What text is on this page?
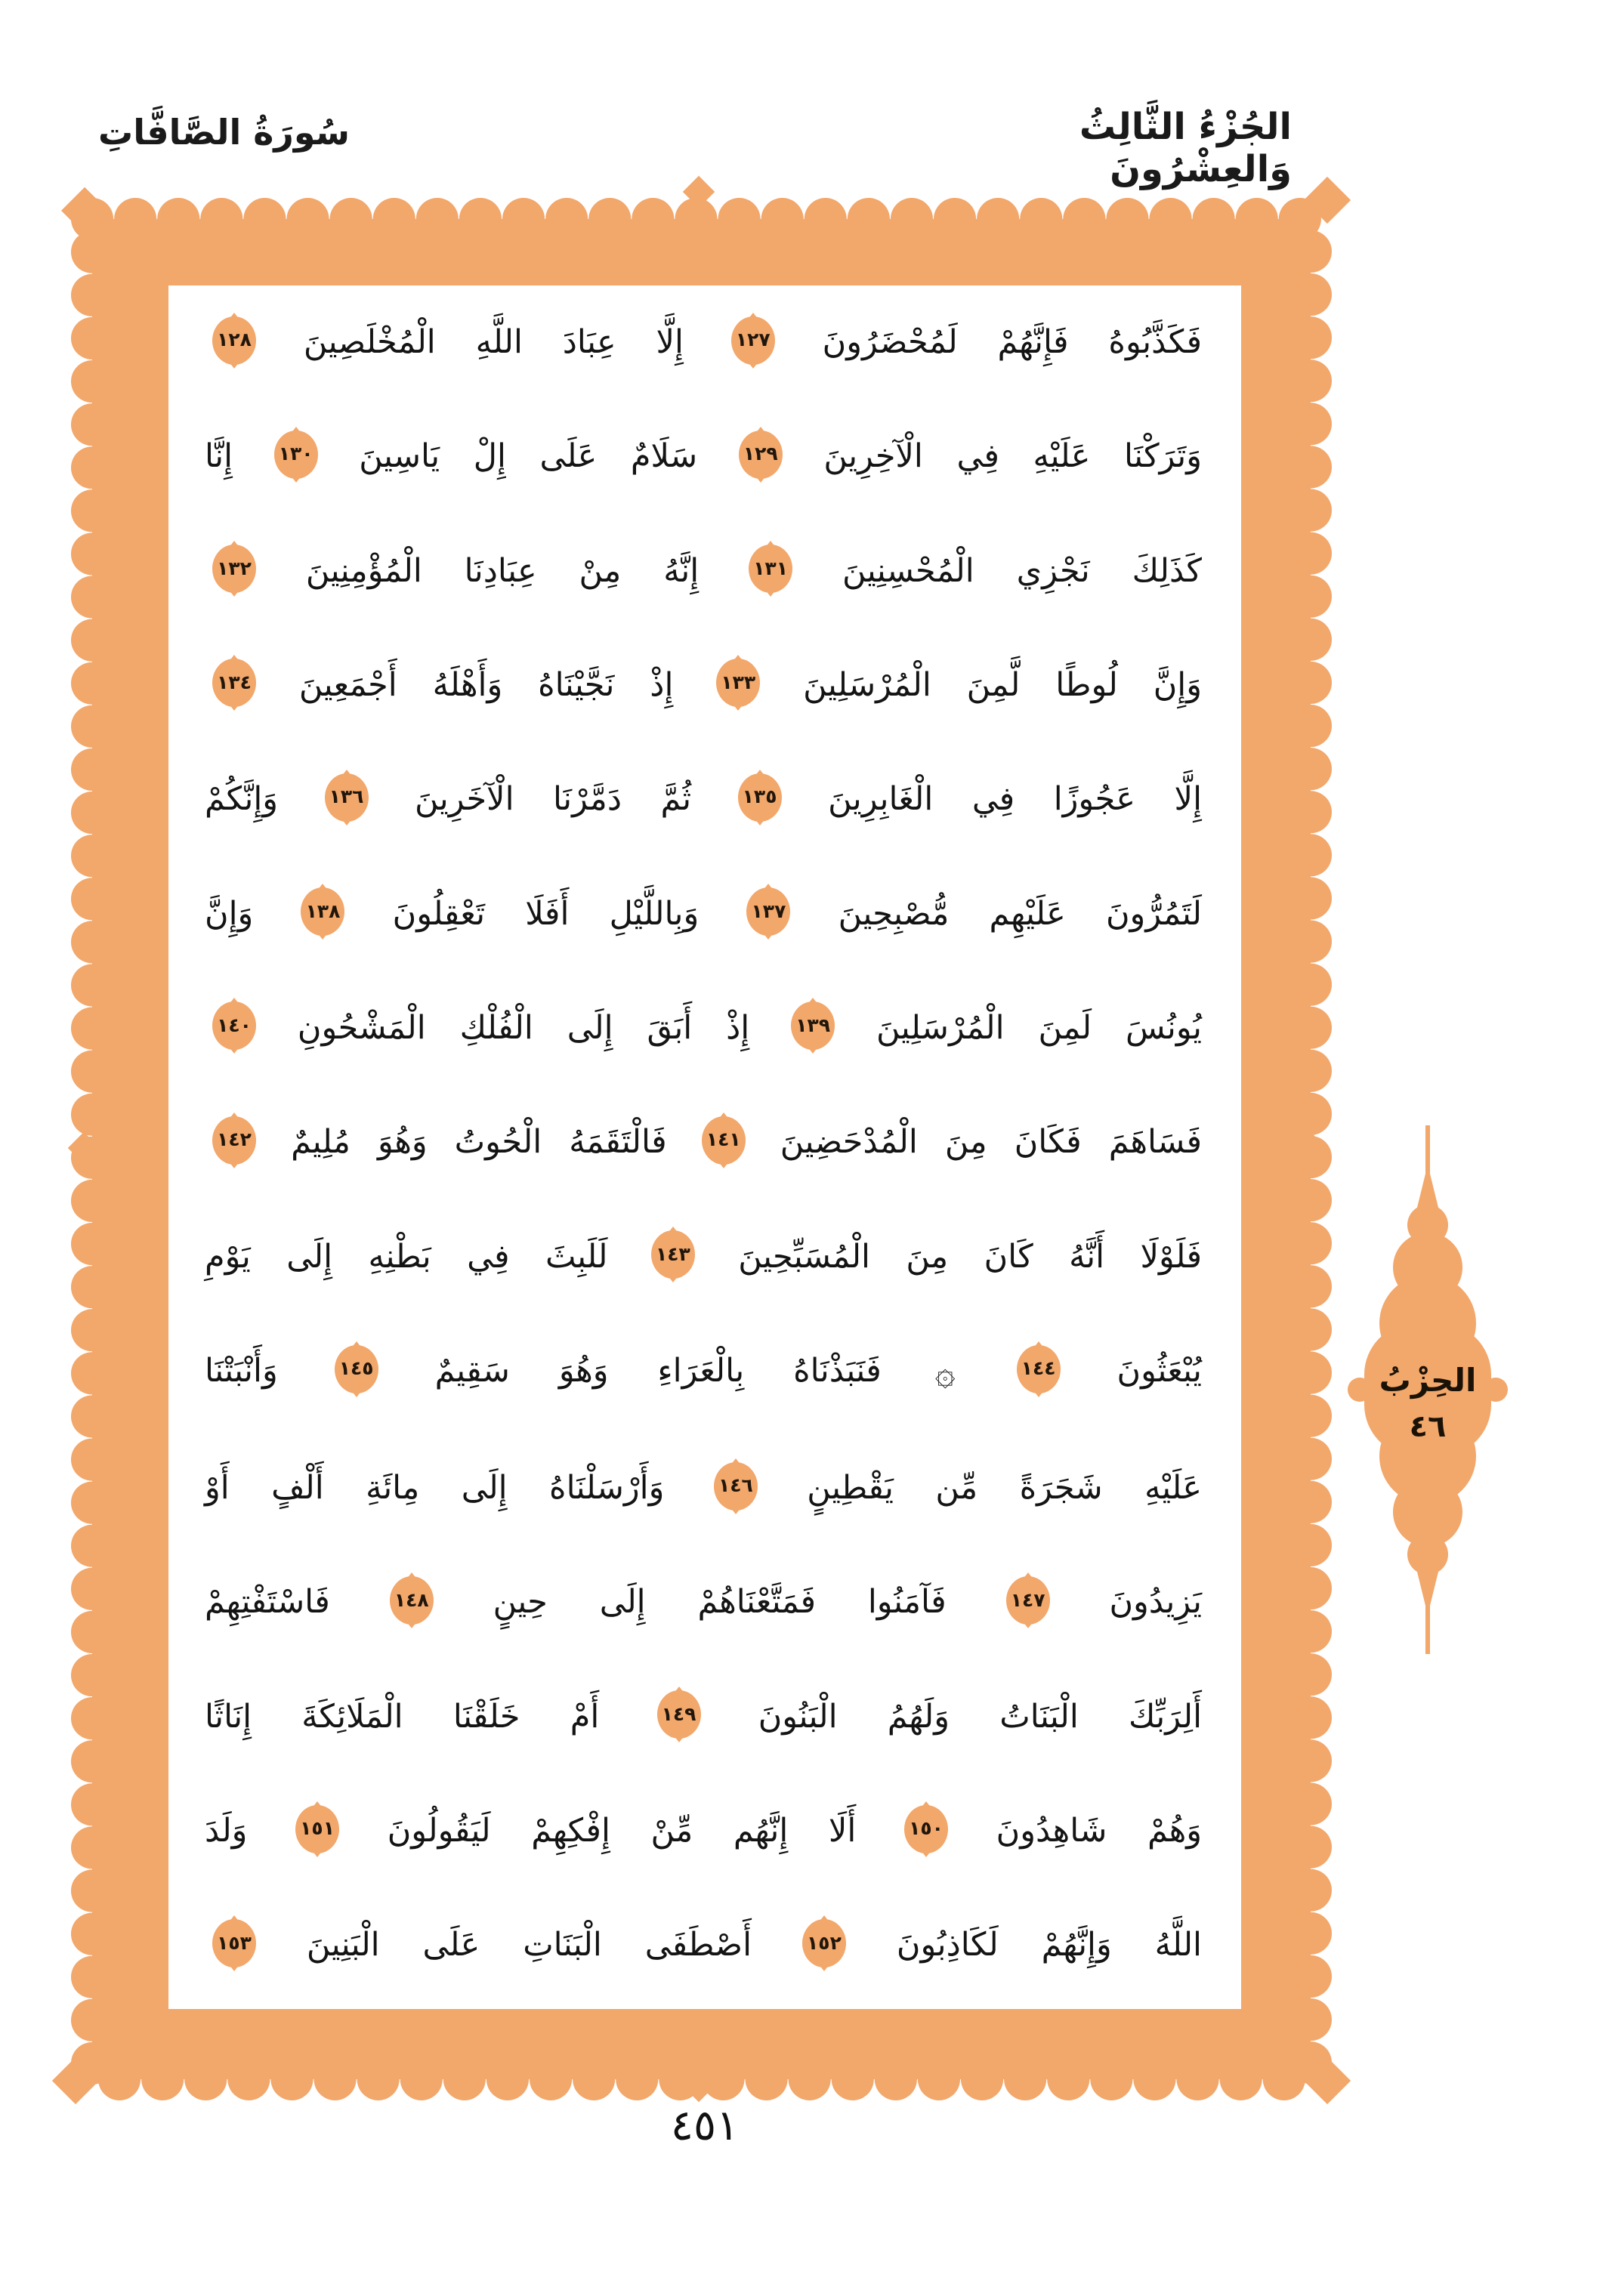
سُورَةُ الصَّافَّاتِ	الجُزْءُ الثَّالِثُ وَالعِشْرُونَ
فَكَذَّبُوهُ فَإِنَّهُمْ لَمُحْضَرُونَ ١٢٧ إِلَّا عِبَادَ اللَّهِ الْمُخْلَصِينَ ١٢٨
وَتَرَكْنَا عَلَيْهِ فِي الْآخِرِينَ ١٢٩ سَلَامٌ عَلَى إِلْ يَاسِينَ ١٣٠ إِنَّا
كَذَلِكَ نَجْزِي الْمُحْسِنِينَ ١٣١ إِنَّهُ مِنْ عِبَادِنَا الْمُؤْمِنِينَ ١٣٢
وَإِنَّ لُوطًا لَّمِنَ الْمُرْسَلِينَ ١٣٣ إِذْ نَجَّيْنَاهُ وَأَهْلَهُ أَجْمَعِينَ ١٣٤
إِلَّا عَجُوزًا فِي الْغَابِرِينَ ١٣٥ ثُمَّ دَمَّرْنَا الْآخَرِينَ ١٣٦ وَإِنَّكُمْ
لَتَمُرُّونَ عَلَيْهِم مُّصْبِحِينَ ١٣٧ وَبِاللَّيْلِ أَفَلَا تَعْقِلُونَ ١٣٨ وَإِنَّ
يُونُسَ لَمِنَ الْمُرْسَلِينَ ١٣٩ إِذْ أَبَقَ إِلَى الْفُلْكِ الْمَشْحُونِ ١٤٠
فَسَاهَمَ فَكَانَ مِنَ الْمُدْحَضِينَ ١٤١ فَالْتَقَمَهُ الْحُوتُ وَهُوَ مُلِيمٌ ١٤٢
فَلَوْلَا أَنَّهُ كَانَ مِنَ الْمُسَبِّحِينَ ١٤٣ لَلَبِثَ فِي بَطْنِهِ إِلَى يَوْمِ
يُبْعَثُونَ ١٤٤ ۞ فَنَبَذْنَاهُ بِالْعَرَاءِ وَهُوَ سَقِيمٌ ١٤٥ وَأَنْبَتْنَا
عَلَيْهِ شَجَرَةً مِّن يَقْطِينٍ ١٤٦ وَأَرْسَلْنَاهُ إِلَى مِائَةِ أَلْفٍ أَوْ
يَزِيدُونَ ١٤٧ فَآمَنُوا فَمَتَّعْنَاهُمْ إِلَى حِينٍ ١٤٨ فَاسْتَفْتِهِمْ
أَلِرَبِّكَ الْبَنَاتُ وَلَهُمُ الْبَنُونَ ١٤٩ أَمْ خَلَقْنَا الْمَلَائِكَةَ إِنَاثًا
وَهُمْ شَاهِدُونَ ١٥٠ أَلَا إِنَّهُم مِّنْ إِفْكِهِمْ لَيَقُولُونَ ١٥١ وَلَدَ
اللَّهُ وَإِنَّهُمْ لَكَاذِبُونَ ١٥٢ أَصْطَفَى الْبَنَاتِ عَلَى الْبَنِينَ ١٥٣
الحِزْبُ
٤٦
٤٥١
